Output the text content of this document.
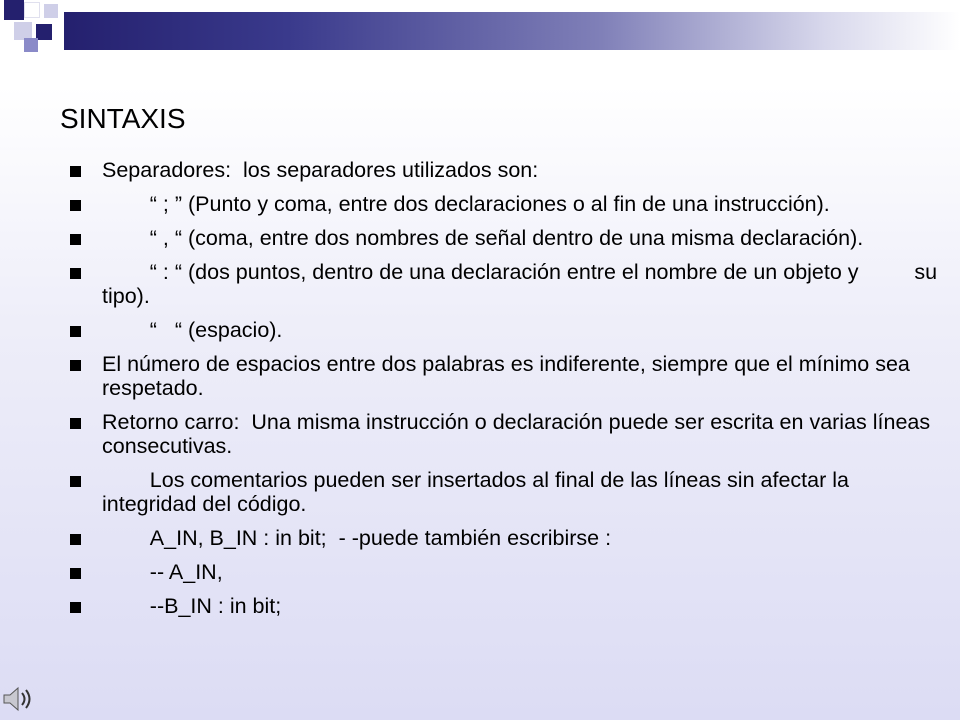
SINTAXIS
Separadores:  los separadores utilizados son:
	“ ; ” (Punto y coma, entre dos declaraciones o al fin de una instrucción).
	“ , “ (coma, entre dos nombres de señal dentro de una misma declaración).
	“ : “ (dos puntos, dentro de una declaración entre el nombre de un objeto y	su tipo).
	“   “ (espacio).
El número de espacios entre dos palabras es indiferente, siempre que el mínimo sea respetado.
Retorno carro:  Una misma instrucción o declaración puede ser escrita en varias líneas consecutivas.
	Los comentarios pueden ser insertados al final de las líneas sin afectar la integridad del código.
	A_IN, B_IN : in bit;  - -puede también escribirse :
	-- A_IN,
	--B_IN : in bit;
